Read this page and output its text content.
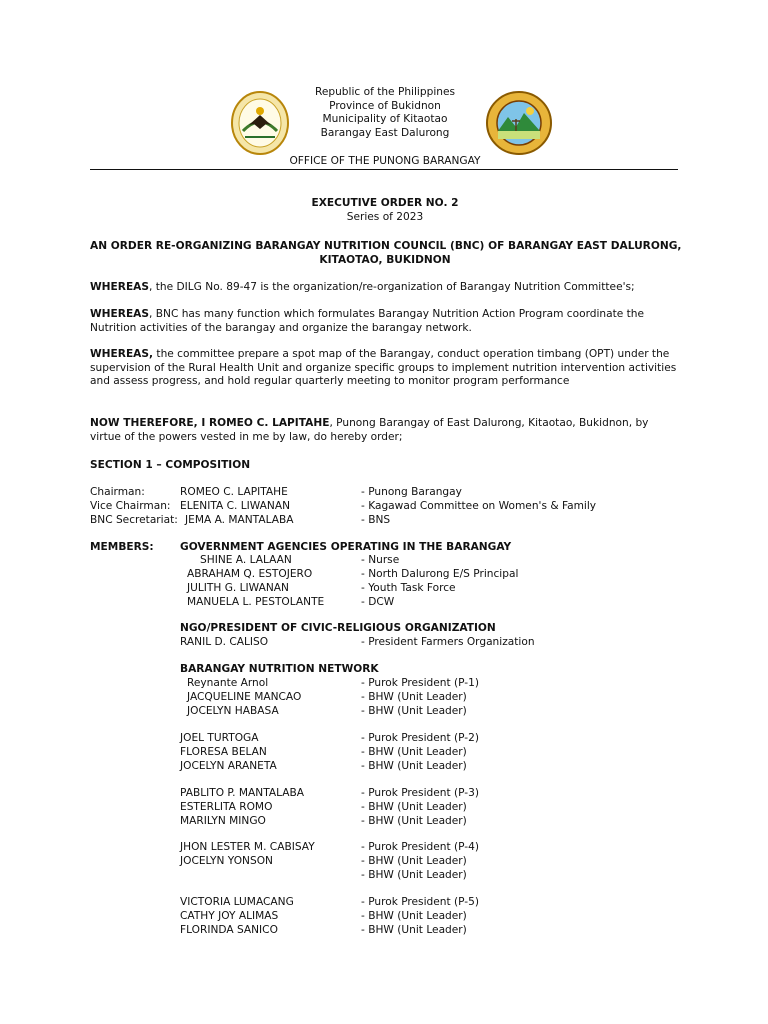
Republic of the Philippines
Province of Bukidnon
Municipality of Kitaotao
Barangay East Dalurong
OFFICE OF THE PUNONG BARANGAY
EXECUTIVE ORDER NO. 2
Series of 2023
AN ORDER RE-ORGANIZING BARANGAY NUTRITION COUNCIL (BNC) OF BARANGAY EAST DALURONG,
KITAOTAO, BUKIDNON
WHEREAS, the DILG No. 89-47 is the organization/re-organization of Barangay Nutrition Committee's;
WHEREAS, BNC has many function which formulates Barangay Nutrition Action Program coordinate the Nutrition activities of the barangay and organize the barangay network.
WHEREAS, the committee prepare a spot map of the Barangay, conduct operation timbang (OPT) under the supervision of the Rural Health Unit and organize specific groups to implement nutrition intervention activities and assess progress, and hold regular quarterly meeting to monitor program performance
NOW THEREFORE, I ROMEO C. LAPITAHE, Punong Barangay of East Dalurong, Kitaotao, Bukidnon, by virtue of the powers vested in me by law, do hereby order;
SECTION 1 – COMPOSITION
Chairman:	ROMEO C. LAPITAHE	- Punong Barangay
Vice Chairman: ELENITA C. LIWANAN	- Kagawad Committee on Women's & Family
BNC Secretariat: JEMA A. MANTALABA	- BNS
MEMBERS: GOVERNMENT AGENCIES OPERATING IN THE BARANGAY
SHINE A. LALAAN	- Nurse
ABRAHAM Q. ESTOJERO	- North Dalurong E/S Principal
JULITH G. LIWANAN	- Youth Task Force
MANUELA L. PESTOLANTE	- DCW
NGO/PRESIDENT OF CIVIC-RELIGIOUS ORGANIZATION
RANIL D. CALISO	- President Farmers Organization
BARANGAY NUTRITION NETWORK
Reynante Arnol	- Purok President (P-1)
JACQUELINE MANCAO	- BHW (Unit Leader)
JOCELYN HABASA	- BHW (Unit Leader)
JOEL TURTOGA	- Purok President (P-2)
FLORESA BELAN	- BHW (Unit Leader)
JOCELYN ARANETA	- BHW (Unit Leader)
PABLITO P. MANTALABA	- Purok President (P-3)
ESTERLITA ROMO	- BHW (Unit Leader)
MARILYN MINGO	- BHW (Unit Leader)
JHON LESTER M. CABISAY	- Purok President (P-4)
JOCELYN YONSON	- BHW (Unit Leader)
- BHW (Unit Leader)
VICTORIA LUMACANG	- Purok President (P-5)
CATHY JOY ALIMAS	- BHW (Unit Leader)
FLORINDA SANICO	- BHW (Unit Leader)
